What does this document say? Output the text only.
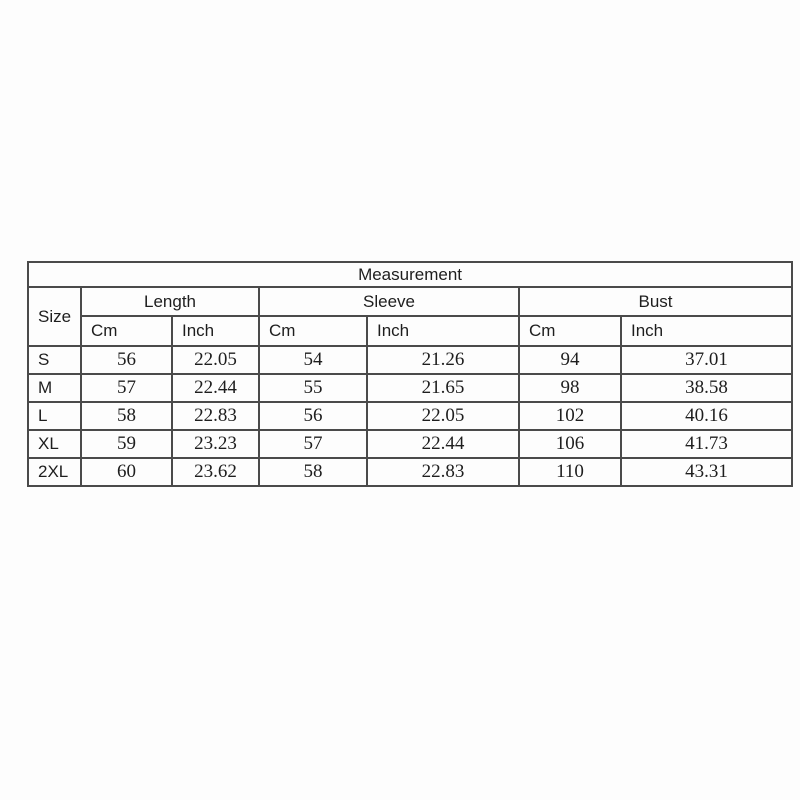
Measurement						
Size	Length		Sleeve		Bust	
	Cm	Inch	Cm	Inch	Cm	Inch
S	56	22.05	54	21.26	94	37.01
M	57	22.44	55	21.65	98	38.58
L	58	22.83	56	22.05	102	40.16
XL	59	23.23	57	22.44	106	41.73
2XL	60	23.62	58	22.83	110	43.31
